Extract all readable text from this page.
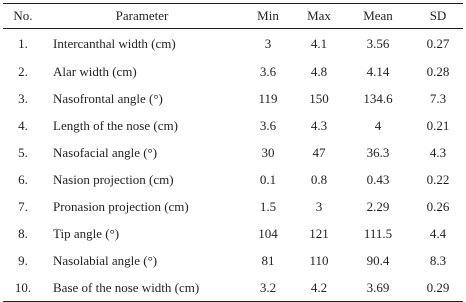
No.	Parameter	Min	Max	Mean	SD
1.	Intercanthal width (cm)	3	4.1	3.56	0.27
2.	Alar width (cm)	3.6	4.8	4.14	0.28
3.	Nasofrontal angle (°)	119	150	134.6	7.3
4.	Length of the nose (cm)	3.6	4.3	4	0.21
5.	Nasofacial angle (°)	30	47	36.3	4.3
6.	Nasion projection (cm)	0.1	0.8	0.43	0.22
7.	Pronasion projection (cm)	1.5	3	2.29	0.26
8.	Tip angle (°)	104	121	111.5	4.4
9.	Nasolabial angle (°)	81	110	90.4	8.3
10.	Base of the nose width (cm)	3.2	4.2	3.69	0.29
